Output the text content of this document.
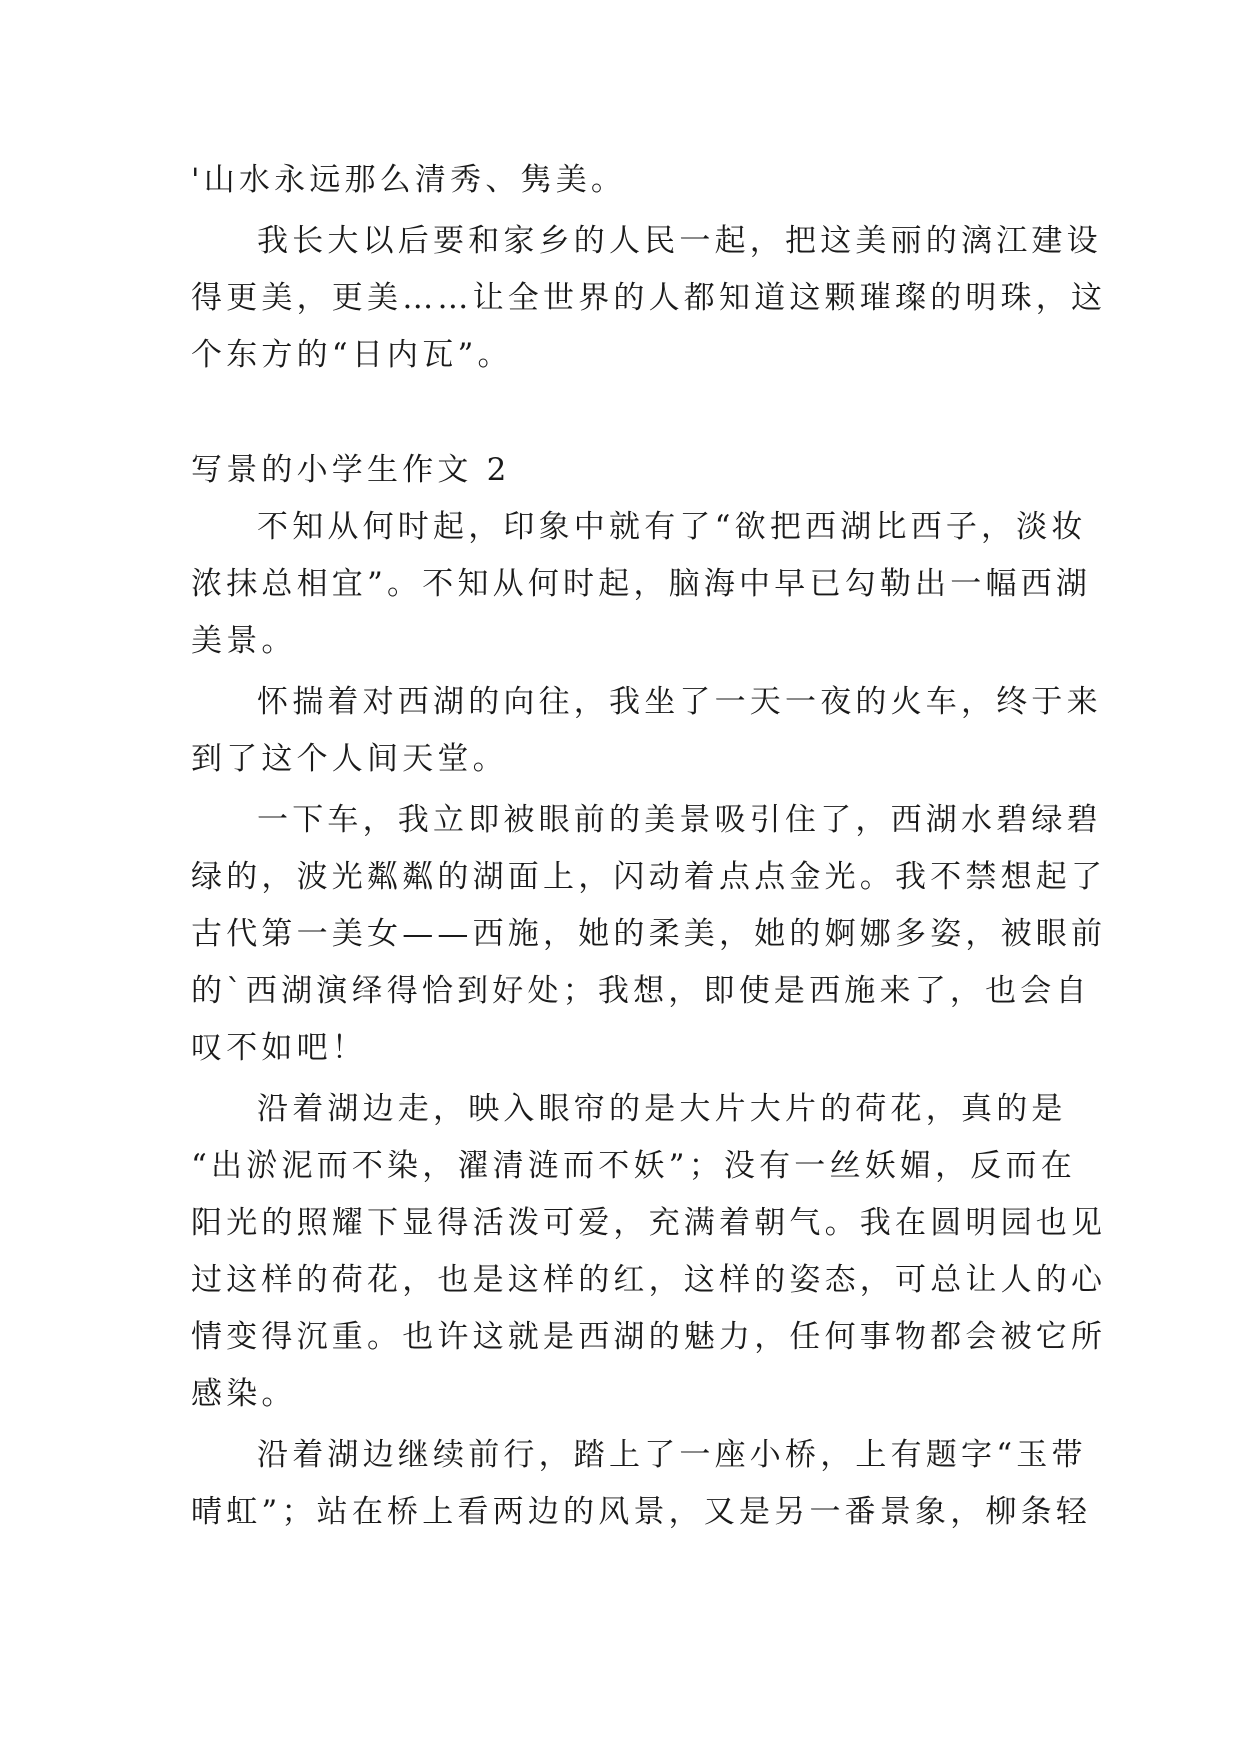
'山水永远那么清秀、隽美。
我长大以后要和家乡的人民一起，把这美丽的漓江建设
得更美，更美……让全世界的人都知道这颗璀璨的明珠，这
个东方的“日内瓦”。
写景的小学生作文 2
不知从何时起，印象中就有了“欲把西湖比西子，淡妆
浓抹总相宜”。不知从何时起，脑海中早已勾勒出一幅西湖
美景。
怀揣着对西湖的向往，我坐了一天一夜的火车，终于来
到了这个人间天堂。
一下车，我立即被眼前的美景吸引住了，西湖水碧绿碧
绿的，波光粼粼的湖面上，闪动着点点金光。我不禁想起了
古代第一美女——西施，她的柔美，她的婀娜多姿，被眼前
的`西湖演绎得恰到好处；我想，即使是西施来了，也会自
叹不如吧！
沿着湖边走，映入眼帘的是大片大片的荷花，真的是
“出淤泥而不染，濯清涟而不妖”；没有一丝妖媚，反而在
阳光的照耀下显得活泼可爱，充满着朝气。我在圆明园也见
过这样的荷花，也是这样的红，这样的姿态，可总让人的心
情变得沉重。也许这就是西湖的魅力，任何事物都会被它所
感染。
沿着湖边继续前行，踏上了一座小桥，上有题字“玉带
晴虹”；站在桥上看两边的风景，又是另一番景象，柳条轻
